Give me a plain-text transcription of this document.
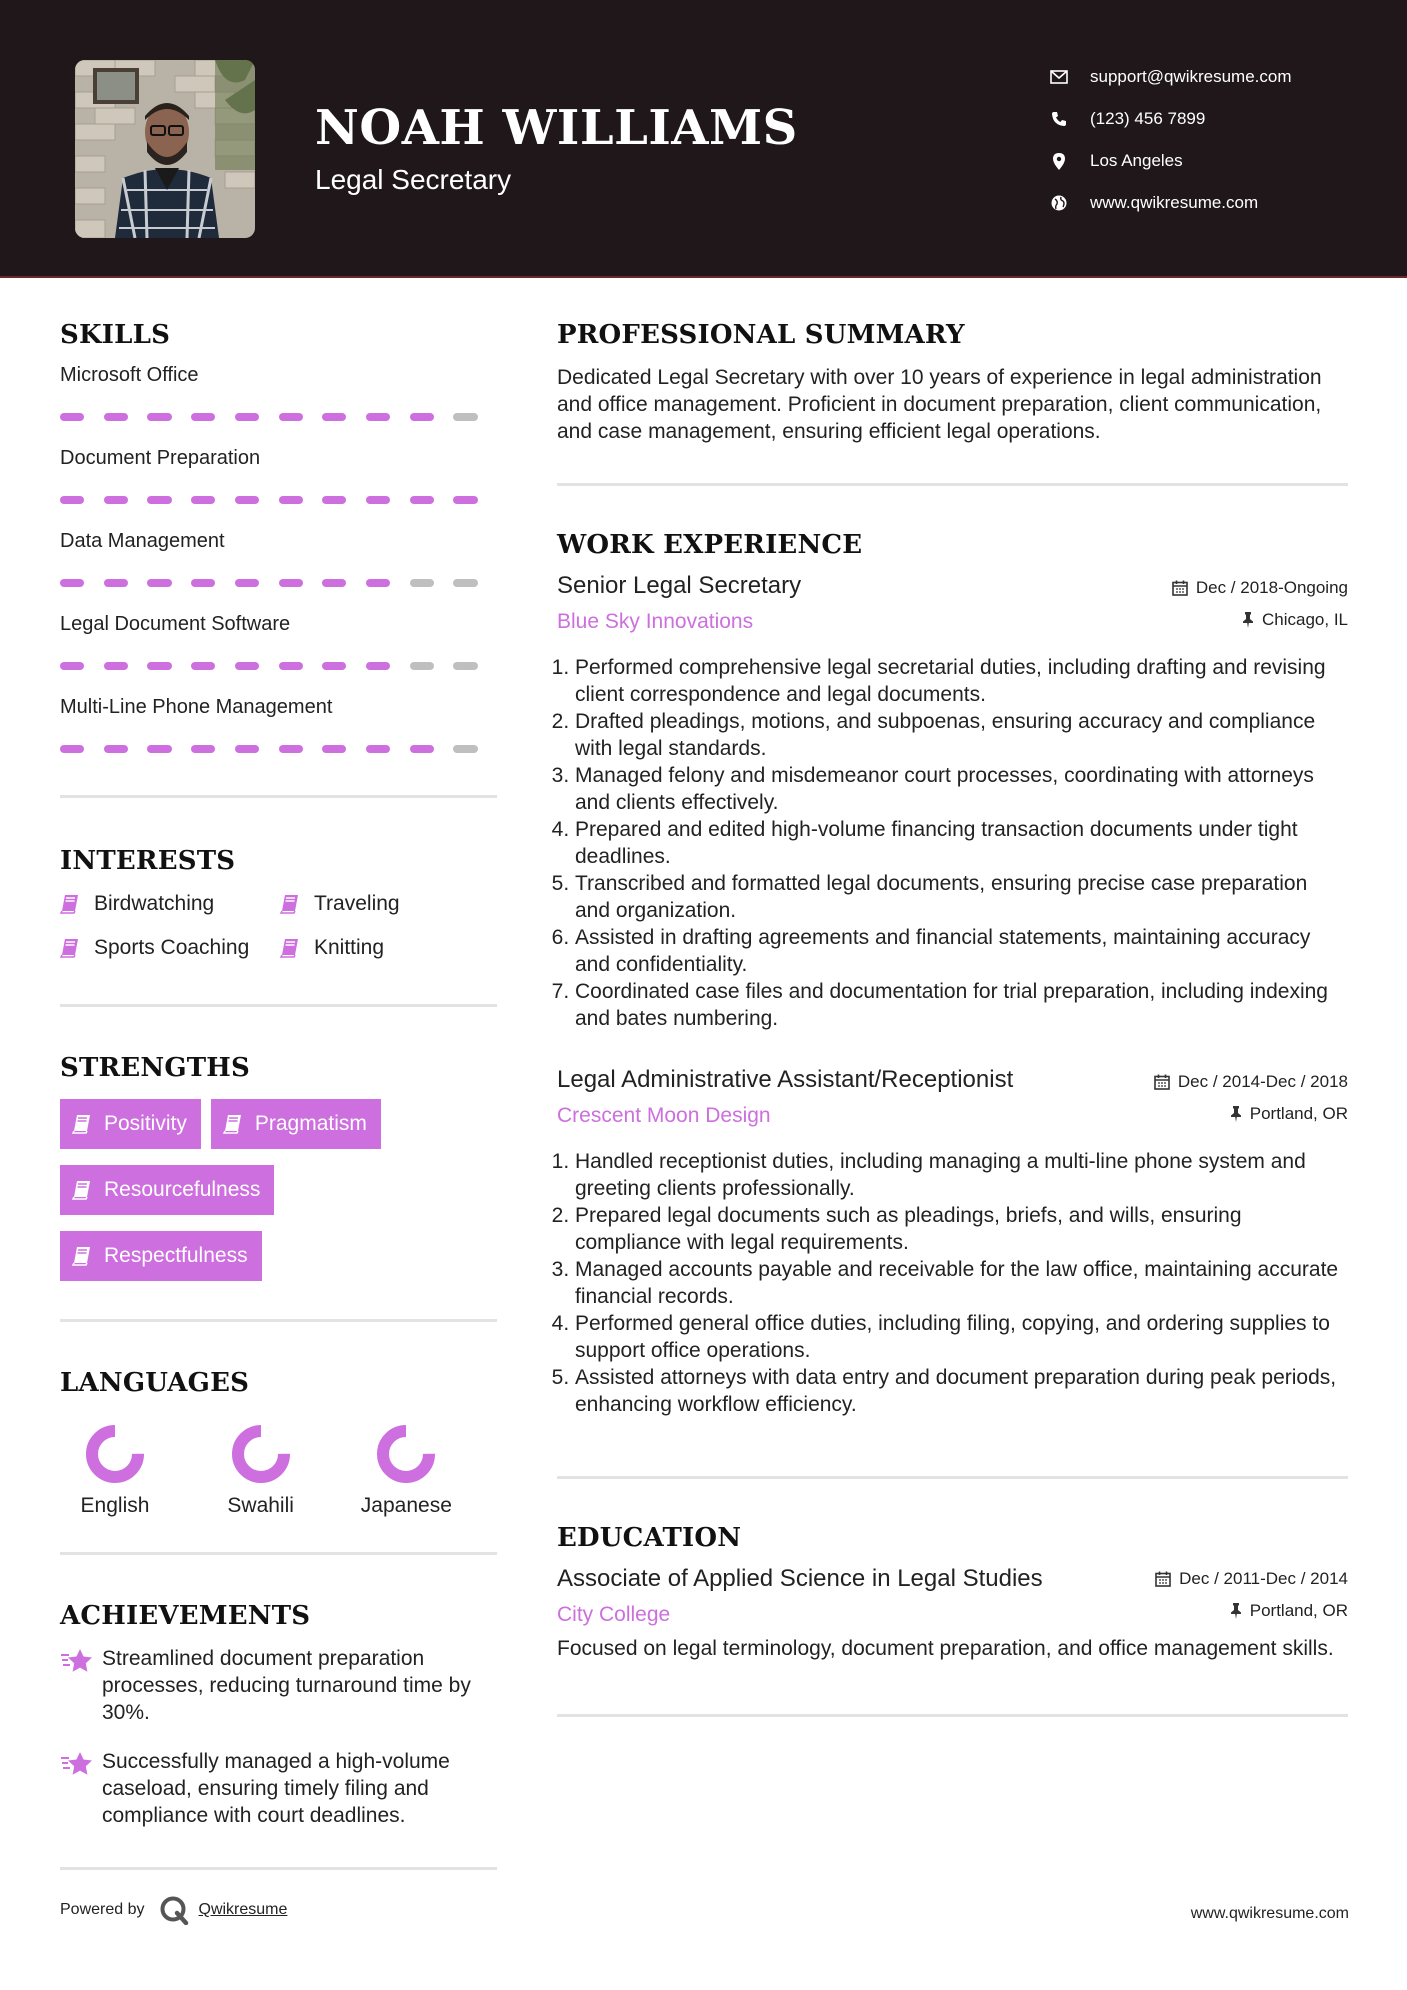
NOAH WILLIAMS
Legal Secretary
support@qwikresume.com
(123) 456 7899
Los Angeles
www.qwikresume.com
SKILLS
Microsoft Office
Document Preparation
Data Management
Legal Document Software
Multi-Line Phone Management
INTERESTS
Birdwatching	Traveling
Sports Coaching	Knitting
STRENGTHS
Positivity	Pragmatism
Resourcefulness
Respectfulness
LANGUAGES
English	Swahili	Japanese
ACHIEVEMENTS
Streamlined document preparation processes, reducing turnaround time by 30%.
Successfully managed a high-volume caseload, ensuring timely filing and compliance with court deadlines.
PROFESSIONAL SUMMARY
Dedicated Legal Secretary with over 10 years of experience in legal administration and office management. Proficient in document preparation, client communication, and case management, ensuring efficient legal operations.
WORK EXPERIENCE
Senior Legal Secretary
Blue Sky Innovations
Dec / 2018-Ongoing
Chicago, IL
1. Performed comprehensive legal secretarial duties, including drafting and revising client correspondence and legal documents.
2. Drafted pleadings, motions, and subpoenas, ensuring accuracy and compliance with legal standards.
3. Managed felony and misdemeanor court processes, coordinating with attorneys and clients effectively.
4. Prepared and edited high-volume financing transaction documents under tight deadlines.
5. Transcribed and formatted legal documents, ensuring precise case preparation and organization.
6. Assisted in drafting agreements and financial statements, maintaining accuracy and confidentiality.
7. Coordinated case files and documentation for trial preparation, including indexing and bates numbering.
Legal Administrative Assistant/Receptionist
Crescent Moon Design
Dec / 2014-Dec / 2018
Portland, OR
1. Handled receptionist duties, including managing a multi-line phone system and greeting clients professionally.
2. Prepared legal documents such as pleadings, briefs, and wills, ensuring compliance with legal requirements.
3. Managed accounts payable and receivable for the law office, maintaining accurate financial records.
4. Performed general office duties, including filing, copying, and ordering supplies to support office operations.
5. Assisted attorneys with data entry and document preparation during peak periods, enhancing workflow efficiency.
EDUCATION
Associate of Applied Science in Legal Studies
City College
Dec / 2011-Dec / 2014
Portland, OR
Focused on legal terminology, document preparation, and office management skills.
Powered by	Qwikresume	www.qwikresume.com
